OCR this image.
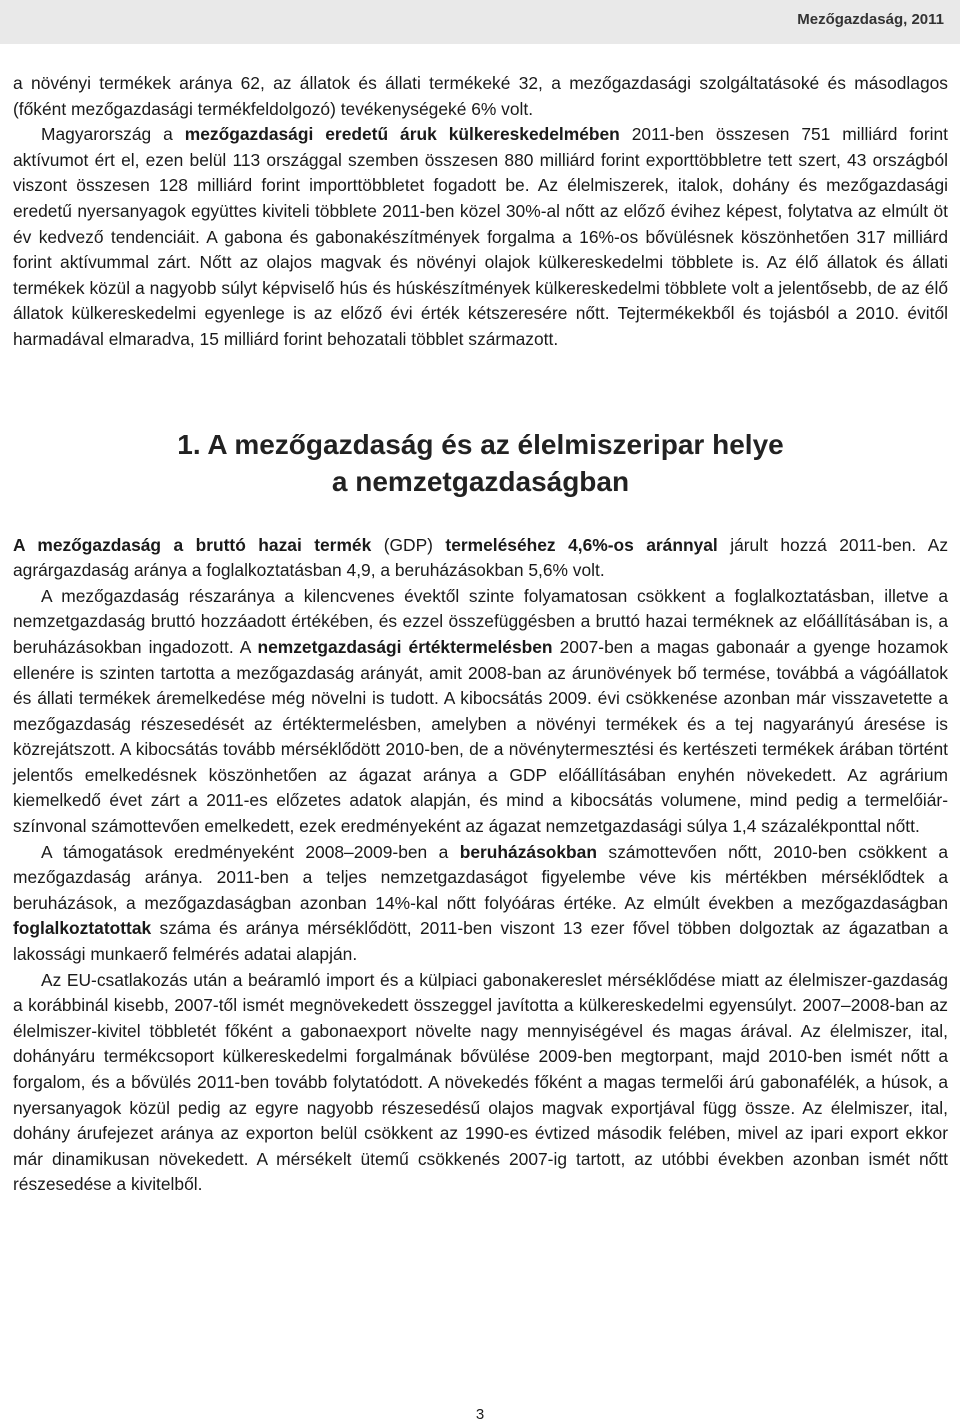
Mezőgazdaság, 2011

a növényi termékek aránya 62, az állatok és állati termékeké 32, a mezőgazdasági szolgáltatásoké és másodlagos (főként mezőgazdasági termékfeldolgozó) tevékenységeké 6% volt.

Magyarország a mezőgazdasági eredetű áruk külkereskedelmében 2011-ben összesen 751 milliárd forint aktívumot ért el, ezen belül 113 országgal szemben összesen 880 milliárd forint exporttöbbletre tett szert, 43 országból viszont összesen 128 milliárd forint importtöbbletet fogadott be. Az élelmiszerek, italok, dohány és mezőgazdasági eredetű nyersanyagok együttes kiviteli többlete 2011-ben közel 30%-al nőtt az előző évihez képest, folytatva az elmúlt öt év kedvező tendenciáit. A gabona és gabonakészítmények forgalma a 16%-os bővülésnek köszönhetően 317 milliárd forint aktívummal zárt. Nőtt az olajos magvak és növényi olajok külkereskedelmi többlete is. Az élő állatok és állati termékek közül a nagyobb súlyt képviselő hús és húskészítmények külkereskedelmi többlete volt a jelentősebb, de az élő állatok külkereskedelmi egyenlege is az előző évi érték kétszeresére nőtt. Tejtermékekből és tojásból a 2010. évitől harmadával elmaradva, 15 milliárd forint behozatali többlet származott.

1. A mezőgazdaság és az élelmiszeripar helye
a nemzetgazdaságban

A mezőgazdaság a bruttó hazai termék (GDP) termeléséhez 4,6%-os aránnyal járult hozzá 2011-ben. Az agrárgazdaság aránya a foglalkoztatásban 4,9, a beruházásokban 5,6% volt.

A mezőgazdaság részaránya a kilencvenes évektől szinte folyamatosan csökkent a foglalkoztatásban, illetve a nemzetgazdaság bruttó hozzáadott értékében, és ezzel összefüggésben a bruttó hazai terméknek az előállításában is, a beruházásokban ingadozott. A nemzetgazdasági értéktermelésben 2007-ben a magas gabonaár a gyenge hozamok ellenére is szinten tartotta a mezőgazdaság arányát, amit 2008-ban az árunövények bő termése, továbbá a vágóállatok és állati termékek áremelkedése még növelni is tudott. A kibocsátás 2009. évi csökkenése azonban már visszavetette a mezőgazdaság részesedését az értéktermelésben, amelyben a növényi termékek és a tej nagyarányú áresése is közrejátszott. A kibocsátás tovább mérséklődött 2010-ben, de a növénytermesztési és kertészeti termékek árában történt jelentős emelkedésnek köszönhetően az ágazat aránya a GDP előállításában enyhén növekedett. Az agrárium kiemelkedő évet zárt a 2011-es előzetes adatok alapján, és mind a kibocsátás volumene, mind pedig a termelőiárszínvonal számottevően emelkedett, ezek eredményeként az ágazat nemzetgazdasági súlya 1,4 százalékponttal nőtt.

A támogatások eredményeként 2008–2009-ben a beruházásokban számottevően nőtt, 2010-ben csökkent a mezőgazdaság aránya. 2011-ben a teljes nemzetgazdaságot figyelembe véve kis mértékben mérséklődtek a beruházások, a mezőgazdaságban azonban 14%-kal nőtt folyóáras értéke. Az elmúlt években a mezőgazdaságban foglalkoztatottak száma és aránya mérséklődött, 2011-ben viszont 13 ezer fővel többen dolgoztak az ágazatban a lakossági munkaerő felmérés adatai alapján.

Az EU-csatlakozás után a beáramló import és a külpiaci gabonakereslet mérséklődése miatt az élelmiszer-gazdaság a korábbinál kisebb, 2007-től ismét megnövekedett összeggel javította a külkereskedelmi egyensúlyt. 2007–2008-ban az élelmiszer-kivitel többletét főként a gabonaexport növelte nagy mennyiségével és magas árával. Az élelmiszer, ital, dohányáru termékcsoport külkereskedelmi forgalmának bővülése 2009-ben megtorpant, majd 2010-ben ismét nőtt a forgalom, és a bővülés 2011-ben tovább folytatódott. A növekedés főként a magas termelői árú gabonafélék, a húsok, a nyersanyagok közül pedig az egyre nagyobb részesedésű olajos magvak exportjával függ össze. Az élelmiszer, ital, dohány árufejezet aránya az exporton belül csökkent az 1990-es évtized második felében, mivel az ipari export ekkor már dinamikusan növekedett. A mérsékelt ütemű csökkenés 2007-ig tartott, az utóbbi években azonban ismét nőtt részesedése a kivitelből.

3
